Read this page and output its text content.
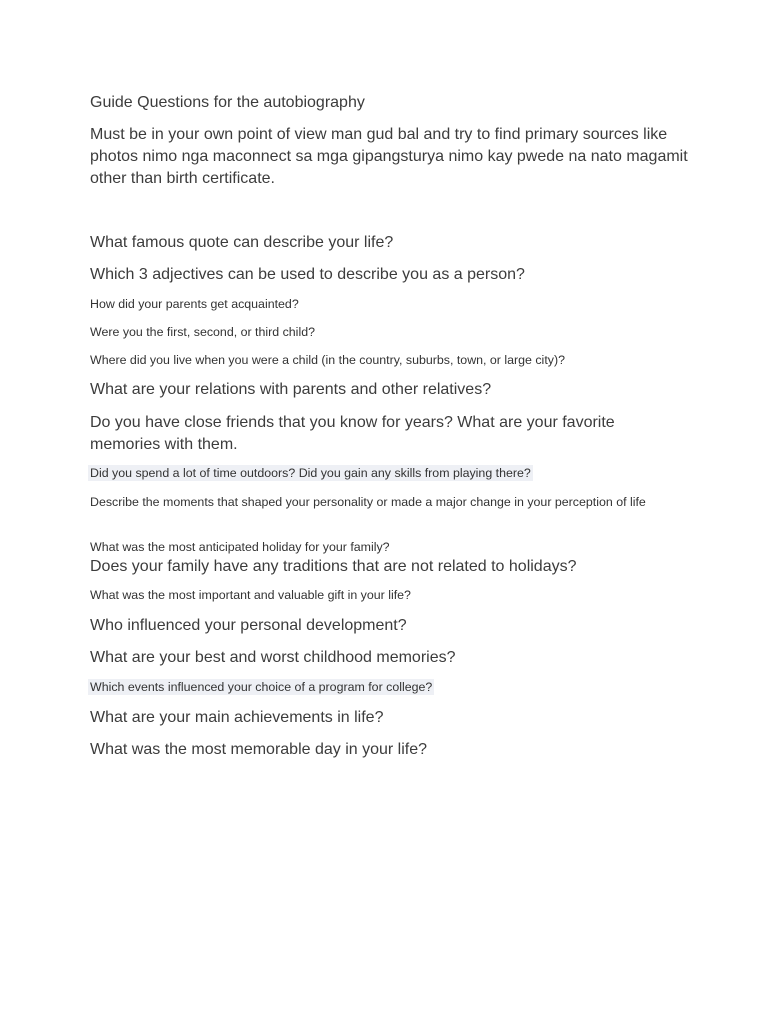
Guide Questions for the autobiography

Must be in your own point of view man gud bal and try to find primary sources like photos nimo nga maconnect sa mga gipangsturya nimo kay pwede na nato magamit other than birth certificate.

What famous quote can describe your life?

Which 3 adjectives can be used to describe you as a person?

How did your parents get acquainted?

Were you the first, second, or third child?

Where did you live when you were a child (in the country, suburbs, town, or large city)?

What are your relations with parents and other relatives?

Do you have close friends that you know for years? What are your favorite memories with them.

Did you spend a lot of time outdoors? Did you gain any skills from playing there?

Describe the moments that shaped your personality or made a major change in your perception of life

What was the most anticipated holiday for your family?

Does your family have any traditions that are not related to holidays?

What was the most important and valuable gift in your life?

Who influenced your personal development?

What are your best and worst childhood memories?

Which events influenced your choice of a program for college?

What are your main achievements in life?

What was the most memorable day in your life?
